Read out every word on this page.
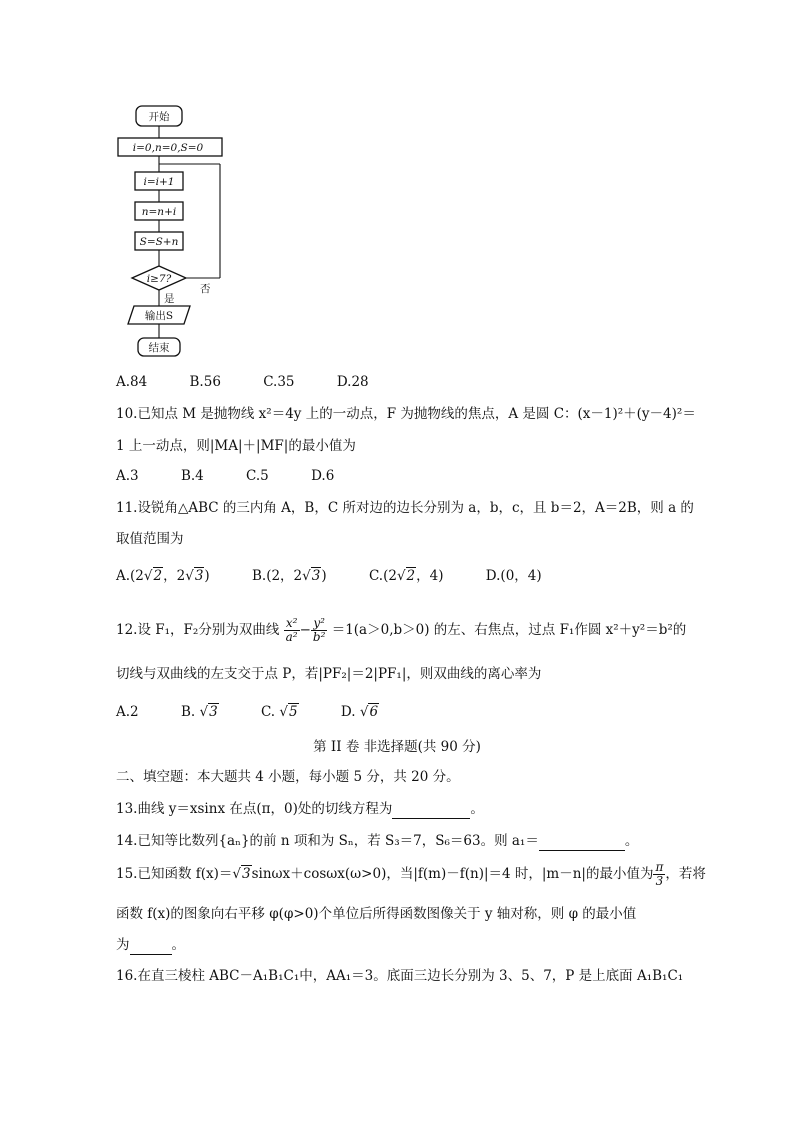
开始
i=0,n=0,S=0
i=i+1
n=n+i
S=S+n
i≥7?
否
是
输出S
结束
A.84	B.56	C.35	D.28
10.已知点 M 是抛物线 x²＝4y 上的一动点，F 为抛物线的焦点，A 是圆 C：(x－1)²＋(y－4)²＝
1 上一动点，则|MA|＋|MF|的最小值为
A.3	B.4	C.5	D.6
11.设锐角△ABC 的三内角 A，B，C 所对边的边长分别为 a，b，c，且 b＝2，A＝2B，则 a 的
取值范围为
A.(2√2，2√3)	B.(2，2√3)	C.(2√2，4)	D.(0，4)
12.设 F₁，F₂分别为双曲线 $\frac{\text{x²}}{\text{a²}} - \frac{\text{y²}}{\text{b²}} =1(a>0,b>0)$ 的左、右焦点，过点 F₁作圆 x²＋y²＝b²的
切线与双曲线的左支交于点 P，若|PF₂|＝2|PF₁|，则双曲线的离心率为
A.2	B. √3	C. √5	D. √6
第 II 卷 非选择题(共 90 分)
二、填空题：本大题共 4 小题，每小题 5 分，共 20 分。
13.曲线 y＝xsinx 在点(π，0)处的切线方程为	。
14.已知等比数列{aₙ}的前 n 项和为 Sₙ，若 S₃＝7，S₆＝63。则 a₁＝	。
15.已知函数 f(x)＝√3sinωx＋cosωx(ω>0)，当|f(m)－f(n)|＝4 时，|m－n|的最小值为 $\frac{\pi}{3}$ ，若将
函数 f(x)的图象向右平移 φ(φ>0)个单位后所得函数图像关于 y 轴对称，则 φ 的最小值
为	。
16.在直三棱柱 ABC－A₁B₁C₁中，AA₁＝3。底面三边长分别为 3、5、7，P 是上底面 A₁B₁C₁
